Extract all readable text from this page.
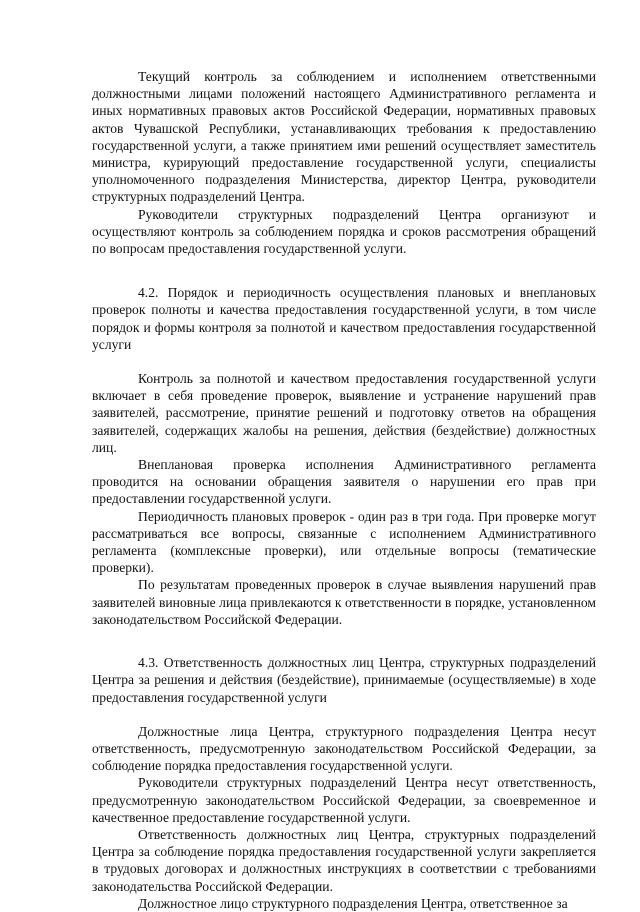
Текущий контроль за соблюдением и исполнением ответственными должностными лицами положений настоящего Административного регламента и иных нормативных правовых актов Российской Федерации, нормативных правовых актов Чувашской Республики, устанавливающих требования к предоставлению государственной услуги, а также принятием ими решений осуществляет заместитель министра, курирующий предоставление государственной услуги, специалисты уполномоченного подразделения Министерства, директор Центра, руководители структурных подразделений Центра.

Руководители структурных подразделений Центра организуют и осуществляют контроль за соблюдением порядка и сроков рассмотрения обращений по вопросам предоставления государственной услуги.

4.2. Порядок и периодичность осуществления плановых и внеплановых проверок полноты и качества предоставления государственной услуги, в том числе порядок и формы контроля за полнотой и качеством предоставления государственной услуги

Контроль за полнотой и качеством предоставления государственной услуги включает в себя проведение проверок, выявление и устранение нарушений прав заявителей, рассмотрение, принятие решений и подготовку ответов на обращения заявителей, содержащих жалобы на решения, действия (бездействие) должностных лиц.

Внеплановая проверка исполнения Административного регламента проводится на основании обращения заявителя о нарушении его прав при предоставлении государственной услуги.

Периодичность плановых проверок - один раз в три года. При проверке могут рассматриваться все вопросы, связанные с исполнением Административного регламента (комплексные проверки), или отдельные вопросы (тематические проверки).

По результатам проведенных проверок в случае выявления нарушений прав заявителей виновные лица привлекаются к ответственности в порядке, установленном законодательством Российской Федерации.

4.3. Ответственность должностных лиц Центра, структурных подразделений Центра за решения и действия (бездействие), принимаемые (осуществляемые) в ходе предоставления государственной услуги

Должностные лица Центра, структурного подразделения Центра несут ответственность, предусмотренную законодательством Российской Федерации, за соблюдение порядка предоставления государственной услуги.

Руководители структурных подразделений Центра несут ответственность, предусмотренную законодательством Российской Федерации, за своевременное и качественное предоставление государственной услуги.

Ответственность должностных лиц Центра, структурных подразделений Центра за соблюдение порядка предоставления государственной услуги закрепляется в трудовых договорах и должностных инструкциях в соответствии с требованиями законодательства Российской Федерации.

Должностное лицо структурного подразделения Центра, ответственное за
